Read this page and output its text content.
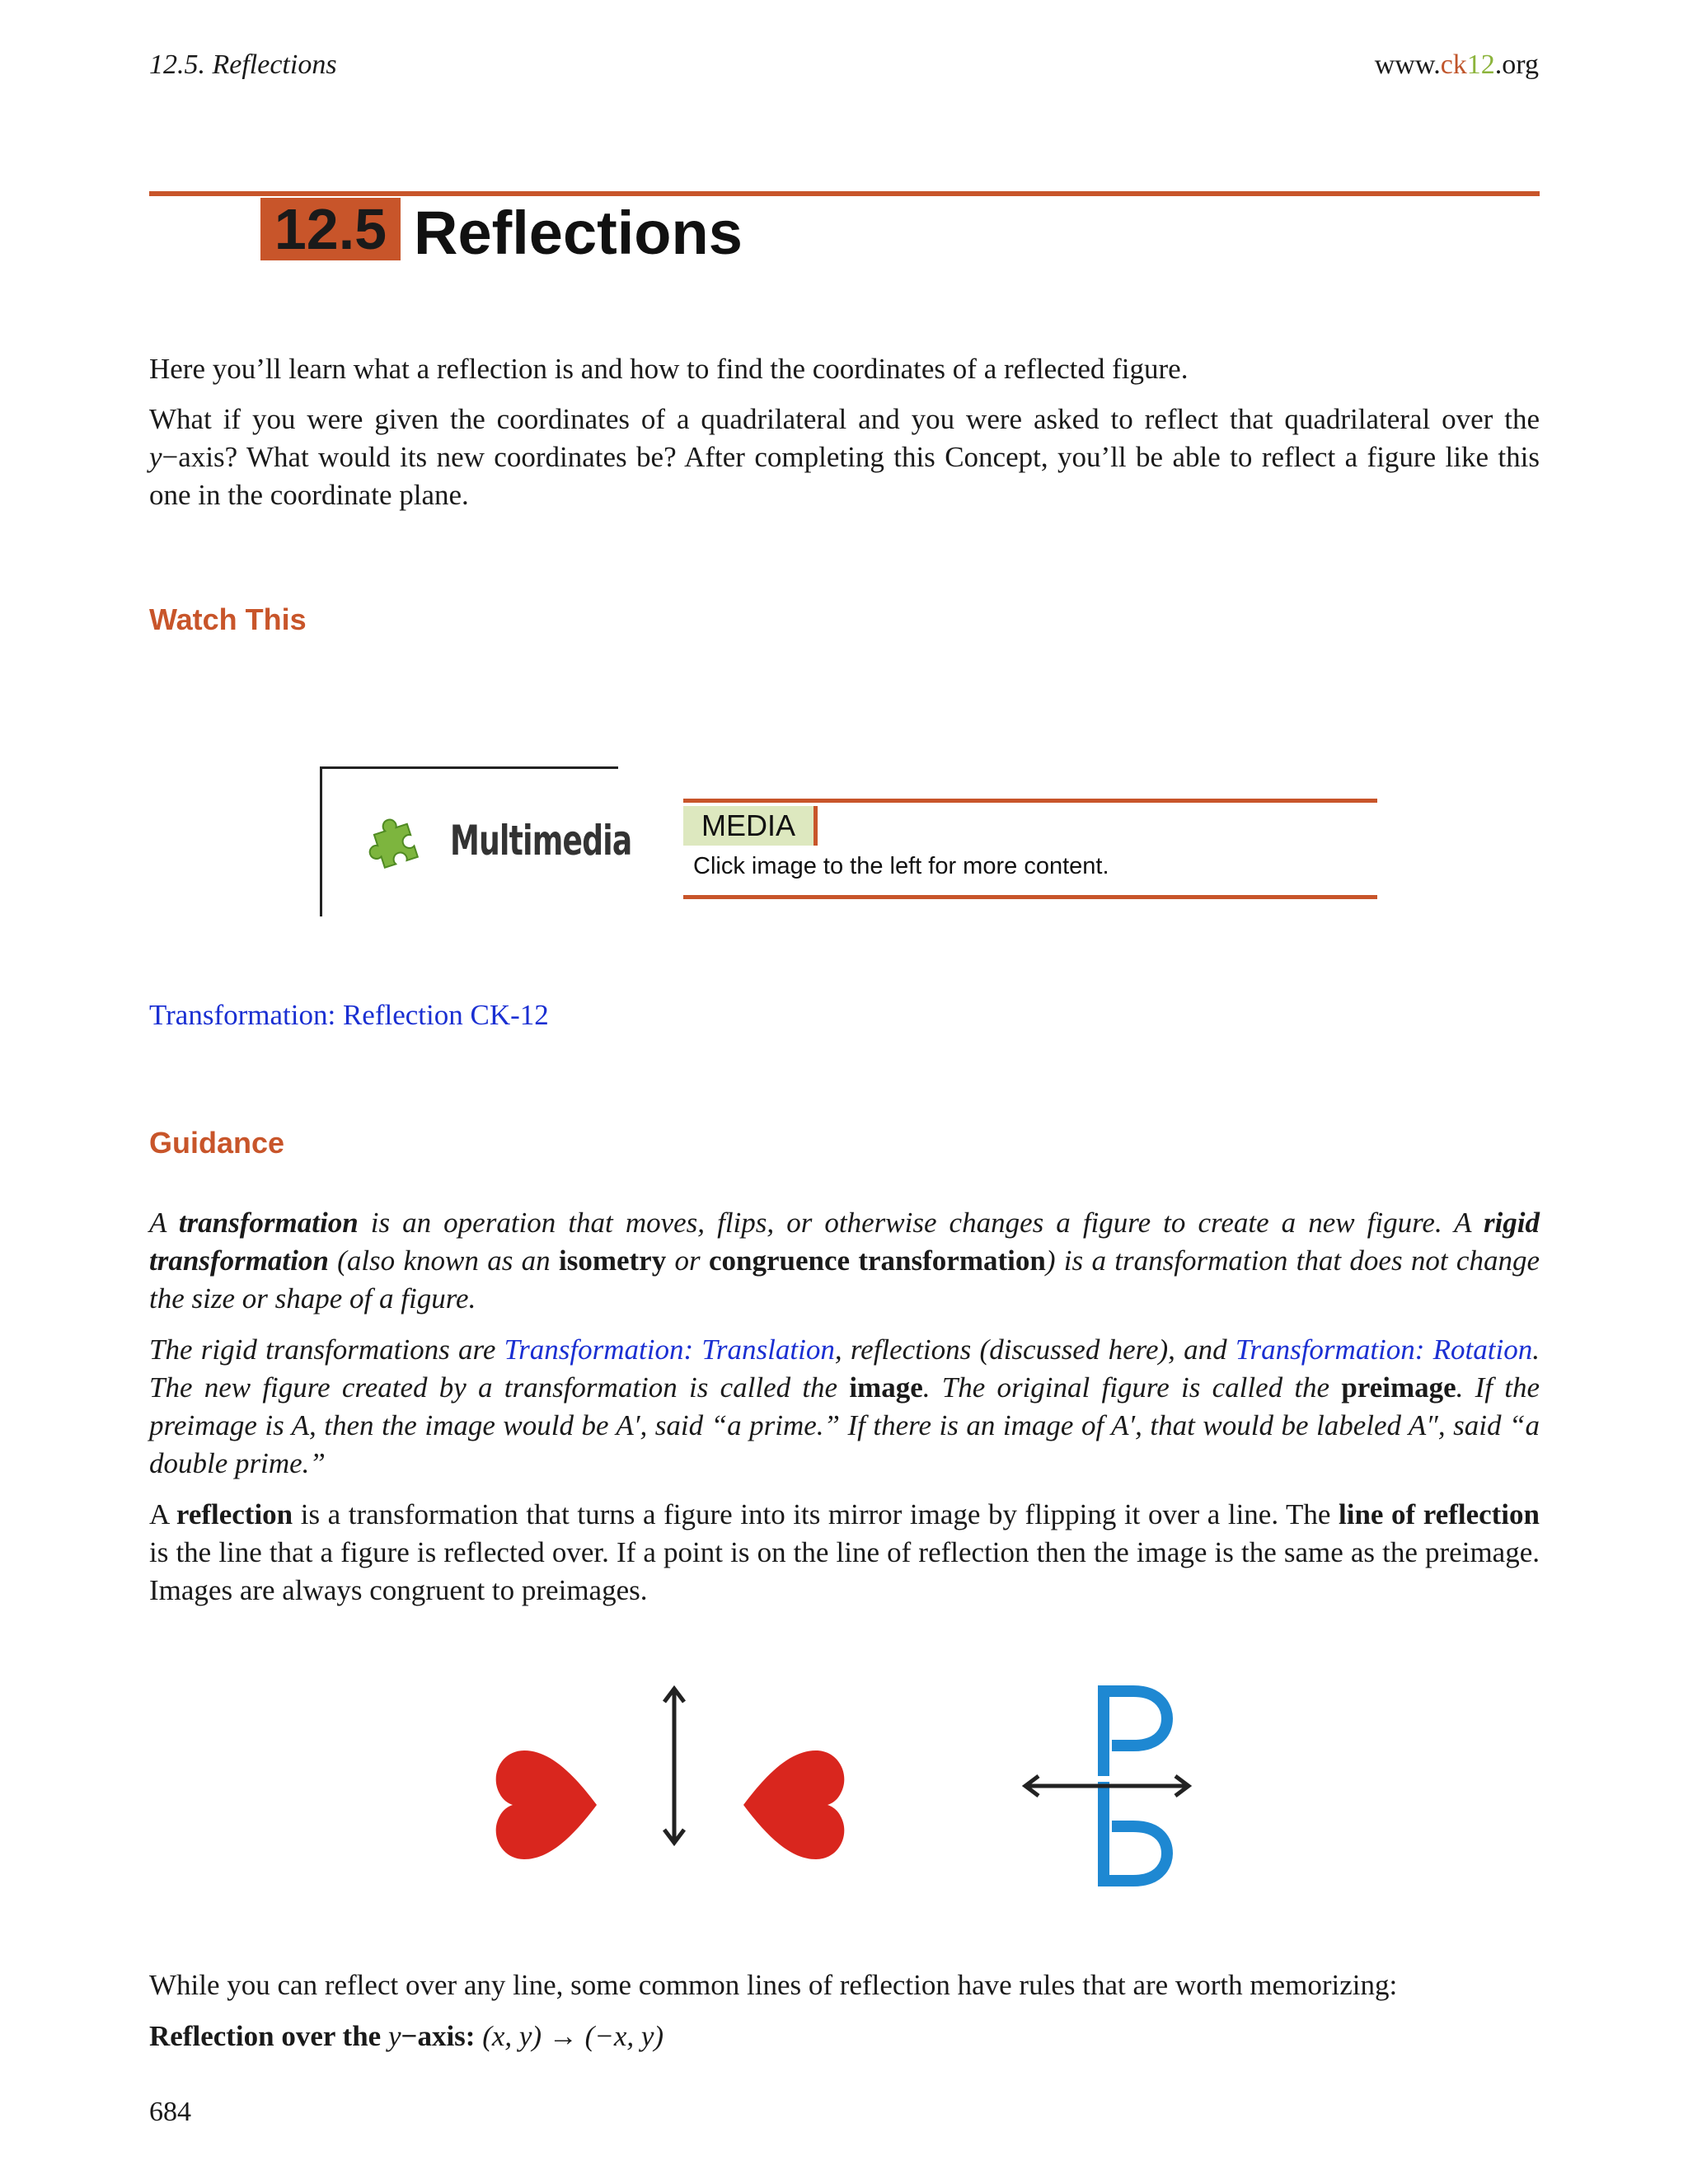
12.5. Reflections	www.ck12.org
12.5 Reflections
Here you’ll learn what a reflection is and how to find the coordinates of a reflected figure.
What if you were given the coordinates of a quadrilateral and you were asked to reflect that quadrilateral over the y−axis? What would its new coordinates be? After completing this Concept, you’ll be able to reflect a figure like this one in the coordinate plane.
Watch This
Multimedia	MEDIA
Click image to the left for more content.
Transformation: Reflection CK-12
Guidance
A transformation is an operation that moves, flips, or otherwise changes a figure to create a new figure. A rigid transformation (also known as an isometry or congruence transformation) is a transformation that does not change the size or shape of a figure.
The rigid transformations are Transformation: Translation, reflections (discussed here), and Transformation: Rotation. The new figure created by a transformation is called the image. The original figure is called the preimage. If the preimage is A, then the image would be A′, said “a prime.” If there is an image of A′, that would be labeled A″, said “a double prime.”
A reflection is a transformation that turns a figure into its mirror image by flipping it over a line. The line of reflection is the line that a figure is reflected over. If a point is on the line of reflection then the image is the same as the preimage. Images are always congruent to preimages.
While you can reflect over any line, some common lines of reflection have rules that are worth memorizing:
Reflection over the y−axis: (x, y) → (−x, y)
684
